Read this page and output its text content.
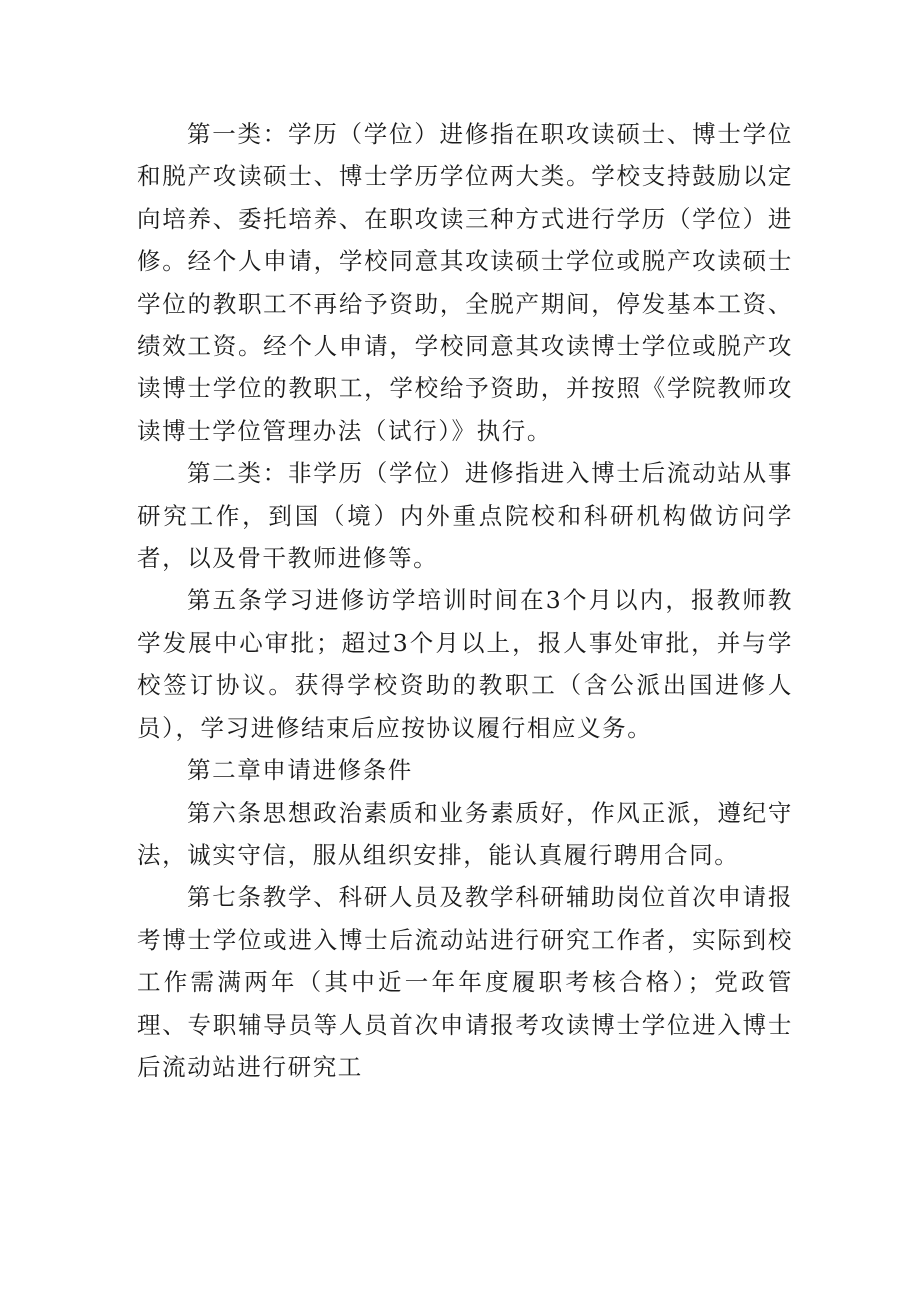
第一类：学历（学位）进修指在职攻读硕士、博士学位和脱产攻读硕士、博士学历学位两大类。学校支持鼓励以定向培养、委托培养、在职攻读三种方式进行学历（学位）进修。经个人申请，学校同意其攻读硕士学位或脱产攻读硕士学位的教职工不再给予资助，全脱产期间，停发基本工资、绩效工资。经个人申请，学校同意其攻读博士学位或脱产攻读博士学位的教职工，学校给予资助，并按照《学院教师攻读博士学位管理办法（试行）》执行。

第二类：非学历（学位）进修指进入博士后流动站从事研究工作，到国（境）内外重点院校和科研机构做访问学者，以及骨干教师进修等。

第五条学习进修访学培训时间在3个月以内，报教师教学发展中心审批；超过3个月以上，报人事处审批，并与学校签订协议。获得学校资助的教职工（含公派出国进修人员），学习进修结束后应按协议履行相应义务。

第二章申请进修条件

第六条思想政治素质和业务素质好，作风正派，遵纪守法，诚实守信，服从组织安排，能认真履行聘用合同。

第七条教学、科研人员及教学科研辅助岗位首次申请报考博士学位或进入博士后流动站进行研究工作者，实际到校工作需满两年（其中近一年年度履职考核合格）；党政管理、专职辅导员等人员首次申请报考攻读博士学位进入博士后流动站进行研究工
